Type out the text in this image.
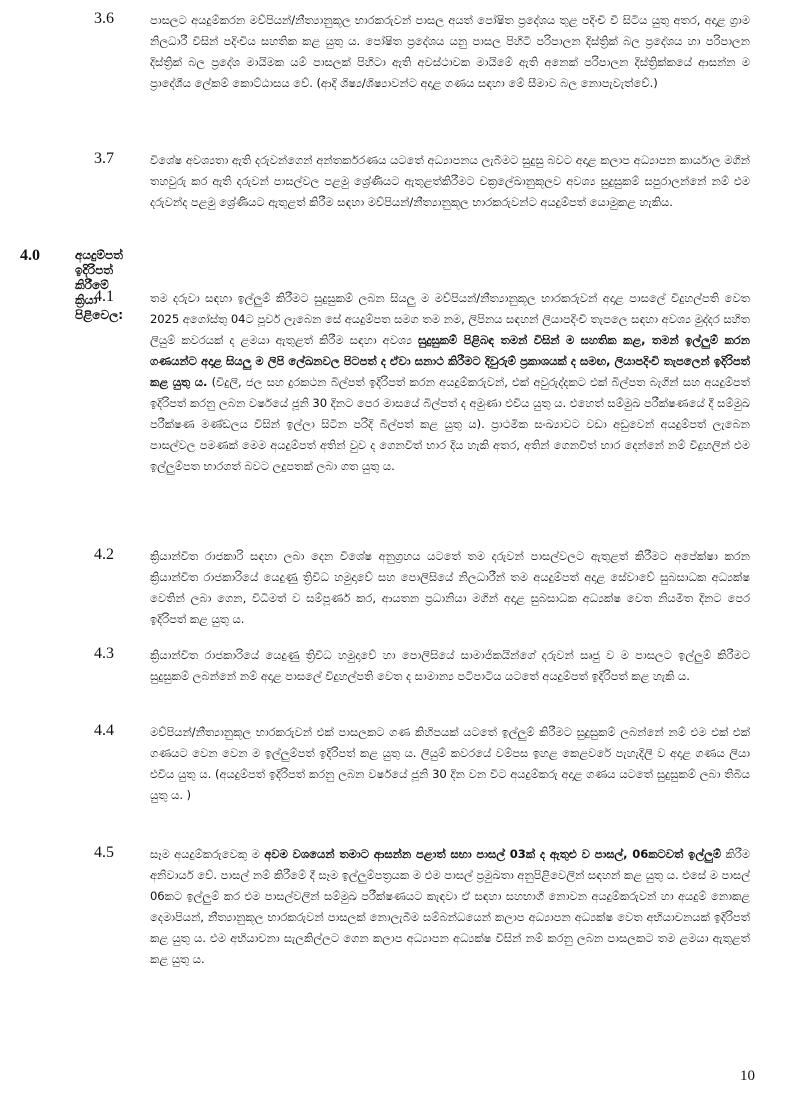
3.6	පාසලට අයදුම්කරන මව්පියන්/නීත්‍යානුකූල භාරකරුවන් පාසල අයත් පෝෂිත ප්‍රදේශය තුළ පදිංචි වී සිටිය යුතු අතර, අදාළ ග්‍රාම නිලධාරී විසින් පදිංචිය සහතික කළ යුතු ය. පෝෂිත ප්‍රදේශය යනු පාසල පිහිටි පරිපාලන දිස්ත්‍රික් බල ප්‍රදේශය හා පරිපාලන දිස්ත්‍රික් බල ප්‍රදේශ මායිමක යම් පාසලක් පිහිටා ඇති අවස්ථාවක මායිමේ ඇති අනෙක් පරිපාලන දිස්ත්‍රික්කයේ ආසන්න ම ප්‍රාදේශීය ලේකම් කොට්ඨාසය වේ. (ආදි ශිෂ්‍ය/ශිෂ්‍යාවන්ට අදාළ ගණය සඳහා මේ සීමාව බල නොපැවැත්වේ.)
3.7	විශේෂ අවශ්‍යතා ඇති දරුවන්ගෙන් අන්තර්කරණය යටතේ අධ්‍යාපනය ලැබීමට සුදුසු බවට අදාළ කලාප අධ්‍යාපන කාර්යාල මගින් තහවුරු කර ඇති දරුවන් පාසල්වල පළමු ශ්‍රේණියට ඇතුළත්කිරීමට චක්‍රලේඛානුකූලව අවශ්‍ය සුදුසුකම් සපුරාලන්නේ නම් එම දරුවන්ද පළමු ශ්‍රේණියට ඇතුළත් කිරීම සඳහා මව්පියන්/නීත්‍යානුකූල භාරකරුවන්ට අයදුම්පත් යොමුකළ හැකිය.
4.0	අයදුම්පත් ඉදිරිපත් කිරීමේ ක්‍රියා පිළිවෙල:
4.1	තම දරුවා සඳහා ඉල්ලුම් කිරීමට සුදුසුකම් ලබන සියලු ම මව්පියන්/නීත්‍යානුකූල භාරකරුවන් අදාළ පාසලේ විදුහල්පති වෙත 2025 අගෝස්තු 04ට පූර්ව ලැබෙන සේ අයදුම්පත සමග තම නම, ලිපිනය සඳහන් ලියාපදිංචි තැපලෙ සඳහා අවශ්‍ය මුද්දර සහිත ලියුම් කවරයක් ද ළමයා ඇතුළත් කිරීම සඳහා අවශ්‍ය සුදුසුකම් පිළිබඳ තමන් විසින් ම සහතික කළ, තමන් ඉල්ලුම් කරන ගණයන්ට අදාළ සියලු ම ලිපි ලේඛනවල පිටපත් ද ඒවා සනාථ කිරීමට දිවුරුම් ප්‍රකාශයක් ද සමඟ, ලියාපදිංචි තැපලෙන් ඉදිරිපත් කළ යුතු ය. (විදුලි, ජල සහ දුරකථන බිල්පත් ඉදිරිපත් කරන අයදුම්කරුවන්, එක් අවුරුද්දකට එක් බිල්පත බැගින් සහ අයදුම්පත් ඉදිරිපත් කරනු ලබන වර්ෂයේ ජූනි 30 දිනට පෙර මාසයේ බිල්පත් ද අමුණා එවිය යුතු ය. එහෙත් සම්මුඛ පරීක්ෂණයේ දී සම්මුඛ පරීක්ෂණ මණ්ඩලය විසින් ඉල්ලා සිටින පරිදි බිල්පත් කළ යුතු ය). ප්‍රාථමික සංඛ්‍යාවට වඩා අඩුවෙන් අයදුම්පත් ලැබෙන පාසල්වල පමණක් මෙම අයදුම්පත් අතින් වුව ද ගෙනවිත් භාර දිය හැකි අතර, අතින් ගෙනවිත් භාර දෙන්නේ නම් විදුහලින් එම ඉල්ලුම්පත භාරගත් බවට ලදුපතක් ලබා ගත යුතු ය.
4.2	ක්‍රියාන්විත රාජකාරි සඳහා ලබා දෙන විශේෂ අනුග්‍රහය යටතේ තම දරුවන් පාසල්වලට ඇතුළත් කිරීමට අපේක්ෂා කරන ක්‍රියාන්විත රාජකාරියේ යෙදුණු ත්‍රිවිධ හමුදාවේ සහ පොලිසියේ නිලධාරීන් තම අයදුම්පත් අදාළ සේවාවේ සුබසාධක අධ්‍යක්ෂ වෙතින් ලබා ගෙන, විධිමත් ව සම්පූර්ණ කර, ආයතන ප්‍රධානියා මගින් අදාළ සුබසාධක අධ්‍යක්ෂ වෙත නියමිත දිනට පෙර ඉදිරිපත් කළ යුතු ය.
4.3	ක්‍රියාන්විත රාජකාරියේ යෙදුණු ත්‍රිවිධ හමුදාවේ හා පොලිසියේ සාමාජිකයින්ගේ දරුවන් සෘජු ව ම පාසලට ඉල්ලුම් කිරීමට සුදුසුකම් ලබන්නේ නම් අදාළ පාසලේ විදුහල්පති වෙත ද සාමාන්‍ය පටිපාටිය යටතේ අයදුම්පත් ඉදිරිපත් කළ හැකි ය.
4.4	මව්පියන්/නීත්‍යානුකූල භාරකරුවන් එක් පාසලකට ගණ කිහිපයක් යටතේ ඉල්ලුම් කිරීමට සුදුසුකම් ලබන්නේ නම් එම එක් එක් ගණයට වෙන වෙන ම ඉල්ලුම්පත් ඉදිරිපත් කළ යුතු ය. ලියුම් කවරයේ වම්පස ඉහළ කෙළවරේ පැහැදිලි ව අදාළ ගණය ලියා එවිය යුතු ය. (අයදුම්පත් ඉදිරිපත් කරනු ලබන වර්ෂයේ ජූනි 30 දින වන විට අයදුම්කරු අදාළ ගණය යටතේ සුදුසුකම් ලබා තිබිය යුතු ය. )
4.5	සෑම අයදුම්කරුවෙකු ම අවම වශයෙන් තමාට ආසන්න පළාත් සභා පාසල් 03ක් ද ඇතුළු ව පාසල්, 06කටවත් ඉල්ලුම් කිරීම අනිවාර්ය වේ. පාසල් නම් කිරීමේ දී සෑම ඉල්ලුම්පත්‍රයක ම එම පාසල් ප්‍රමුඛතා අනුපිළිවෙලින් සඳහන් කළ යුතු ය. එසේ ම පාසල් 06කට ඉල්ලුම් කර එම පාසල්වලින් සම්මුඛ පරීක්ෂණයට කැඳවා ඒ සඳහා සහභාගී නොවන අයදුම්කරුවන් හා අයදුම් නොකළ දෙමාපියන්, නීත්‍යානුකූල භාරකරුවන් පාසලක් නොලැබීම සම්බන්ධයෙන් කලාප අධ්‍යාපන අධ්‍යක්ෂ වෙත අභියාචනයක් ඉදිරිපත් කළ යුතු ය. එම අභියාචනා සැලකිල්ලට ගෙන කලාප අධ්‍යාපන අධ්‍යක්ෂ විසින් නම් කරනු ලබන පාසලකට තම ළමයා ඇතුළත් කළ යුතු ය.
10
